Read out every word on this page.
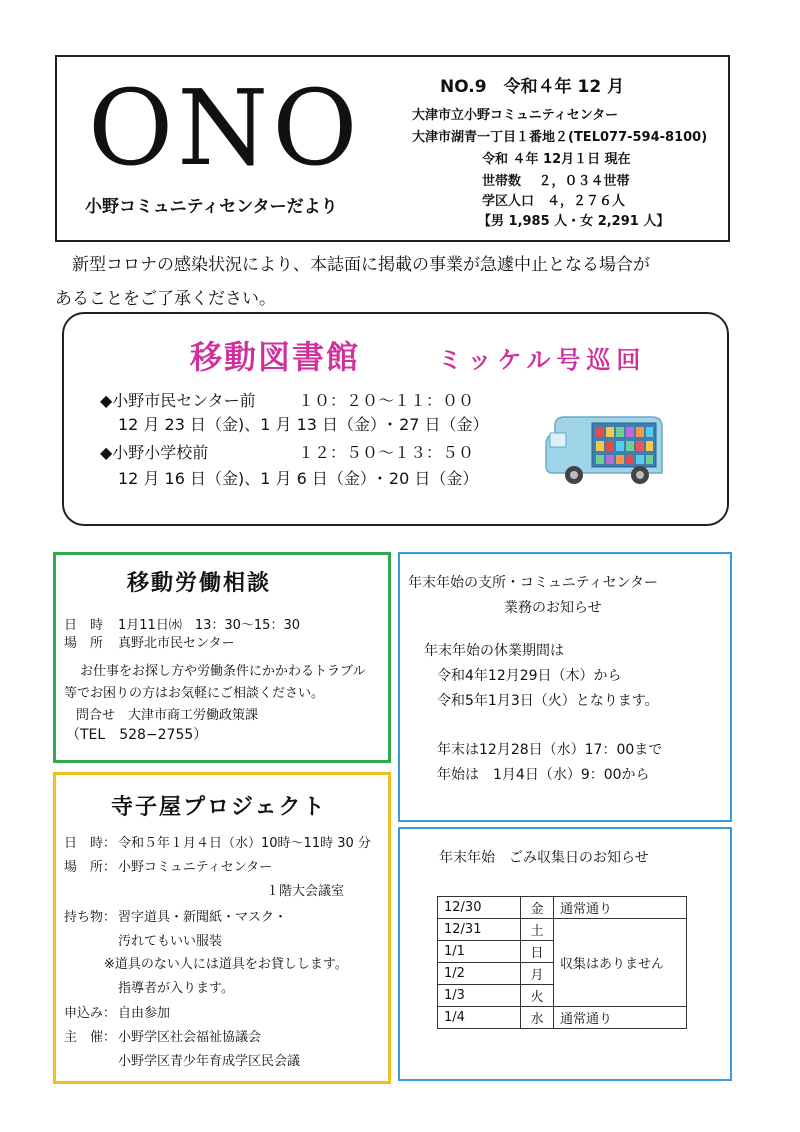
ONO
小野コミュニティセンターだより
NO.9　令和４年 12 月
大津市立小野コミュニティセンター
大津市湖青一丁目１番地２(TEL077-594-8100)
令和 ４年 12月１日 現在
世帯数　 ２，０３４世帯
学区人口　４，２７６人
【男 1,985 人・女 2,291 人】
新型コロナの感染状況により、本誌面に掲載の事業が急遽中止となる場合が
あることをご了承ください。
移動図書館	ミッケル号巡回
◆小野市民センター前	１０：２０～１１：００
12 月 23 日（金)、1 月 13 日（金）･ 27 日（金）
◆小野小学校前	１２：５０～１３：５０
12 月 16 日（金)、1 月 6 日（金）･ 20 日（金）
移動労働相談
日　時 1月11日㈬　13：30～15：30
場　所 真野北市民センター
お仕事をお探し方や労働条件にかかわるトラブル
等でお困りの方はお気軽にご相談ください。
問合せ　大津市商工労働政策課
（TEL　528−2755）
寺子屋プロジェクト
日　時： 令和５年１月４日（水）10時～11時 30 分
場　所： 小野コミュニティセンター
１階大会議室
持ち物： 習字道具・新聞紙・マスク・
汚れてもいい服装
※道具のない人には道具をお貸しします。
指導者が入ります。
申込み： 自由参加
主　催： 小野学区社会福祉協議会
小野学区青少年育成学区民会議
年末年始の支所・コミュニティセンター
業務のお知らせ
年末年始の休業期間は
令和4年12月29日（木）から
令和5年1月3日（火）となります。
年末は12月28日（水）17：00まで
年始は　1月4日（水）9：00から
年末年始　ごみ収集日のお知らせ
12/30	金	通常通り
12/31	土	収集はありません
1/1	日	
1/2	月	
1/3	火	
1/4	水	通常通り
